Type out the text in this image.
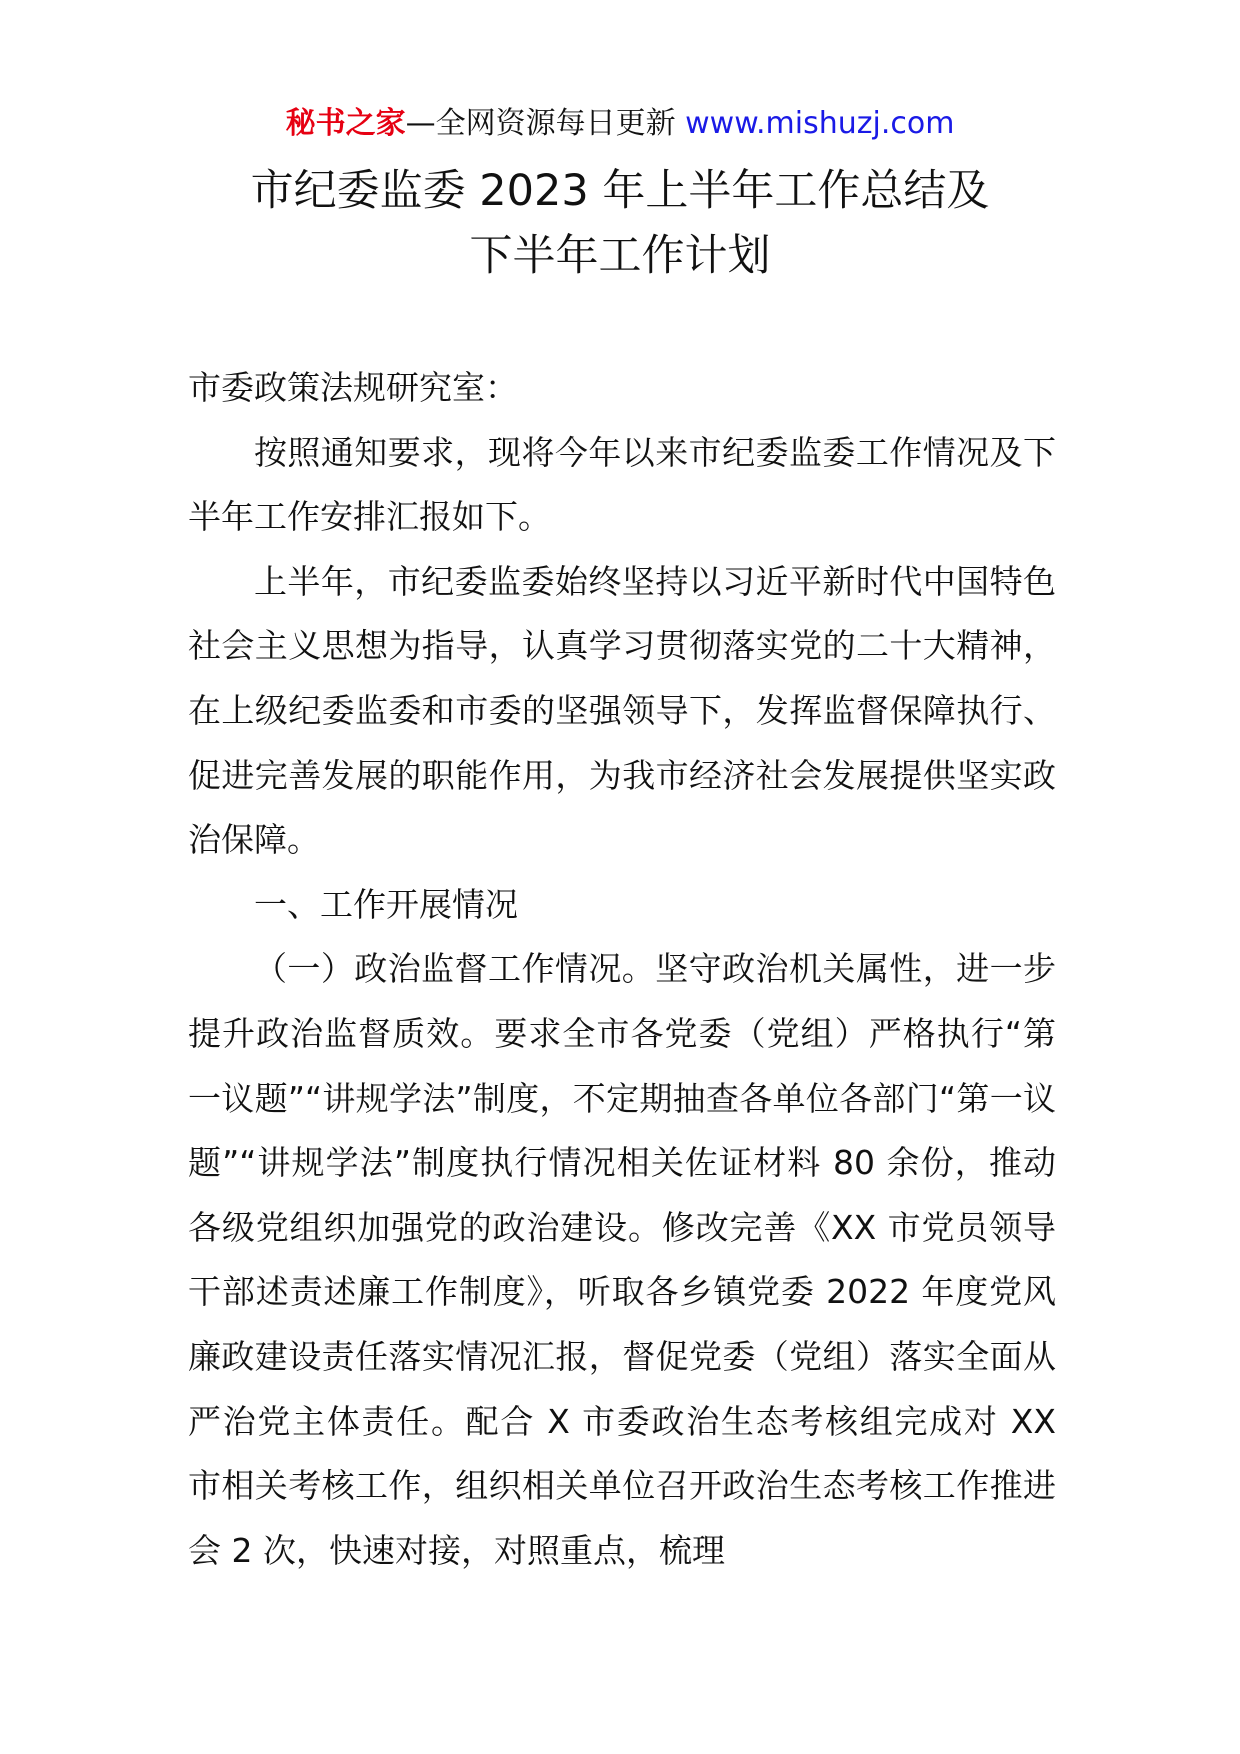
秘书之家—全网资源每日更新 www.mishuzj.com
市纪委监委 2023 年上半年工作总结及
下半年工作计划

市委政策法规研究室：

按照通知要求，现将今年以来市纪委监委工作情况及下半年工作安排汇报如下。

上半年，市纪委监委始终坚持以习近平新时代中国特色社会主义思想为指导，认真学习贯彻落实党的二十大精神，在上级纪委监委和市委的坚强领导下，发挥监督保障执行、促进完善发展的职能作用，为我市经济社会发展提供坚实政治保障。

一、工作开展情况

（一）政治监督工作情况。坚守政治机关属性，进一步提升政治监督质效。要求全市各党委（党组）严格执行“第一议题”“讲规学法”制度，不定期抽查各单位各部门“第一议题”“讲规学法”制度执行情况相关佐证材料 80 余份，推动各级党组织加强党的政治建设。修改完善《XX 市党员领导干部述责述廉工作制度》，听取各乡镇党委 2022 年度党风廉政建设责任落实情况汇报，督促党委（党组）落实全面从严治党主体责任。配合 X 市委政治生态考核组完成对 XX 市相关考核工作，组织相关单位召开政治生态考核工作推进会 2 次，快速对接，对照重点，梳理
